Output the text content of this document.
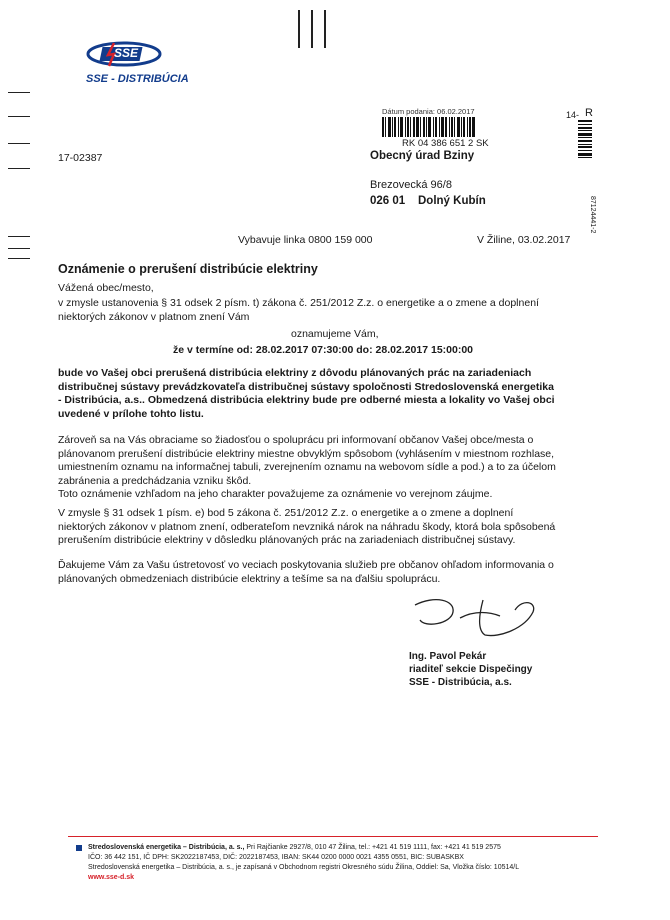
SSE
SSE - DISTRIBÚCIA
Dátum podania: 06.02.2017
RK 04 386 651 2 SK
14- R
87124441-2
17-02387	Obecný úrad Bziny
Brezovecká 96/8
026 01 Dolný Kubín
Vybavuje linka 0800 159 000	V Žiline, 03.02.2017
Oznámenie o prerušení distribúcie elektriny
Vážená obec/mesto,
v zmysle ustanovenia § 31 odsek 2 písm. t) zákona č. 251/2012 Z.z. o energetike a o zmene a doplnení
niektorých zákonov v platnom znení Vám
oznamujeme Vám,
že v termíne od: 28.02.2017 07:30:00 do: 28.02.2017 15:00:00
bude vo Vašej obci prerušená distribúcia elektriny z dôvodu plánovaných prác na zariadeniach
distribučnej sústavy prevádzkovateľa distribučnej sústavy spoločnosti Stredoslovenská energetika
- Distribúcia, a.s.. Obmedzená distribúcia elektriny bude pre odberné miesta a lokality vo Vašej obci
uvedené v prílohe tohto listu.
Zároveň sa na Vás obraciame so žiadosťou o spoluprácu pri informovaní občanov Vašej obce/mesta o
plánovanom prerušení distribúcie elektriny miestne obvyklým spôsobom (vyhlásením v miestnom rozhlase,
umiestnením oznamu na informačnej tabuli, zverejnením oznamu na webovom sídle a pod.) a to za účelom
zabránenia a predchádzania vzniku škôd.
Toto oznámenie vzhľadom na jeho charakter považujeme za oznámenie vo verejnom záujme.
V zmysle § 31 odsek 1 písm. e) bod 5 zákona č. 251/2012 Z.z. o energetike a o zmene a doplnení
niektorých zákonov v platnom znení, odberateľom nevzniká nárok na náhradu škody, ktorá bola spôsobená
prerušením distribúcie elektriny v dôsledku plánovaných prác na zariadeniach distribučnej sústavy.
Ďakujeme Vám za Vašu ústretovosť vo veciach poskytovania služieb pre občanov ohľadom informovania o
plánovaných obmedzeniach distribúcie elektriny a tešíme sa na ďalšiu spoluprácu.
Ing. Pavol Pekár
riaditeľ sekcie Dispečingy
SSE - Distribúcia, a.s.
Stredoslovenská energetika – Distribúcia, a. s., Pri Rajčianke 2927/8, 010 47 Žilina, tel.: +421 41 519 1111, fax: +421 41 519 2575
IČO: 36 442 151, IČ DPH: SK2022187453, DIČ: 2022187453, IBAN: SK44 0200 0000 0021 4355 0551, BIC: SUBASKBX
Stredoslovenská energetika – Distribúcia, a. s., je zapísaná v Obchodnom registri Okresného súdu Žilina, Oddiel: Sa, Vložka číslo: 10514/L
www.sse-d.sk
